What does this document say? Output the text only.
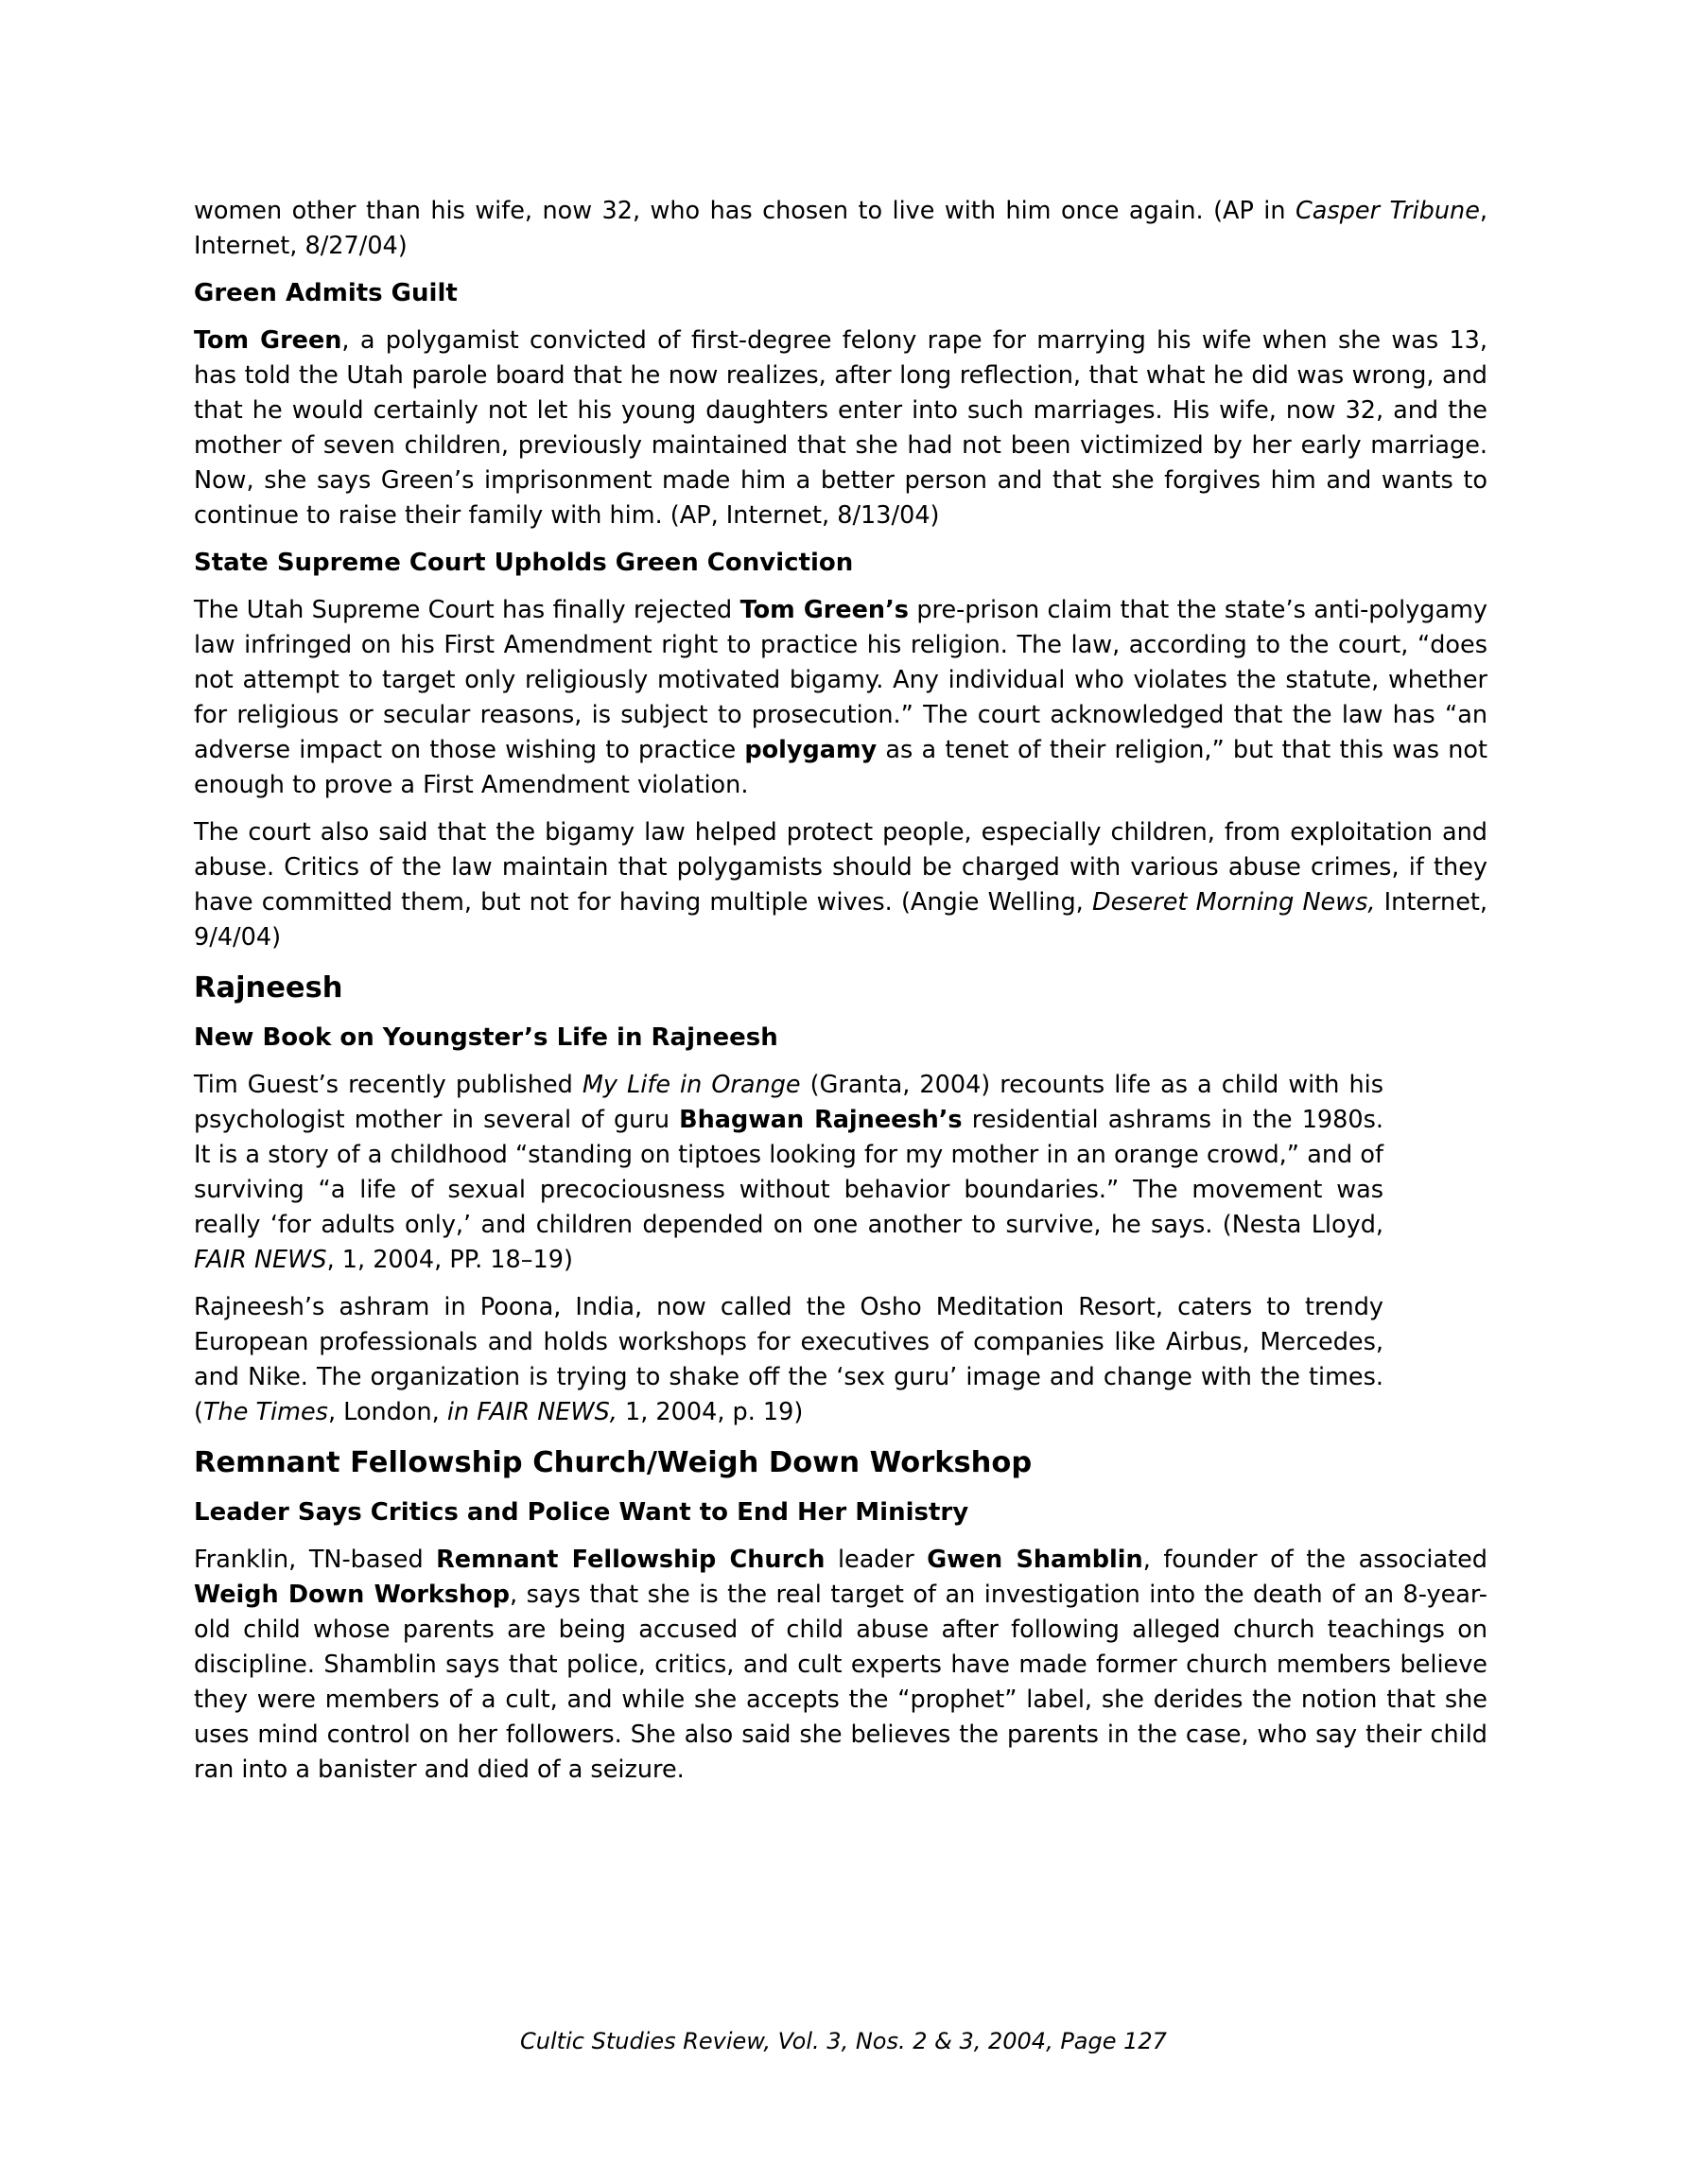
women other than his wife, now 32, who has chosen to live with him once again. (AP in Casper Tribune, Internet, 8/27/04)

Green Admits Guilt

Tom Green, a polygamist convicted of first-degree felony rape for marrying his wife when she was 13, has told the Utah parole board that he now realizes, after long reflection, that what he did was wrong, and that he would certainly not let his young daughters enter into such marriages. His wife, now 32, and the mother of seven children, previously maintained that she had not been victimized by her early marriage. Now, she says Green’s imprisonment made him a better person and that she forgives him and wants to continue to raise their family with him. (AP, Internet, 8/13/04)

State Supreme Court Upholds Green Conviction

The Utah Supreme Court has finally rejected Tom Green’s pre-prison claim that the state’s anti-polygamy law infringed on his First Amendment right to practice his religion. The law, according to the court, “does not attempt to target only religiously motivated bigamy. Any individual who violates the statute, whether for religious or secular reasons, is subject to prosecution.” The court acknowledged that the law has “an adverse impact on those wishing to practice polygamy as a tenet of their religion,” but that this was not enough to prove a First Amendment violation.

The court also said that the bigamy law helped protect people, especially children, from exploitation and abuse. Critics of the law maintain that polygamists should be charged with various abuse crimes, if they have committed them, but not for having multiple wives. (Angie Welling, Deseret Morning News, Internet, 9/4/04)

Rajneesh
New Book on Youngster’s Life in Rajneesh

Tim Guest’s recently published My Life in Orange (Granta, 2004) recounts life as a child with his psychologist mother in several of guru Bhagwan Rajneesh’s residential ashrams in the 1980s. It is a story of a childhood “standing on tiptoes looking for my mother in an orange crowd,” and of surviving “a life of sexual precociousness without behavior boundaries.” The movement was really ‘for adults only,’ and children depended on one another to survive, he says. (Nesta Lloyd, FAIR NEWS, 1, 2004, PP. 18–19)

Rajneesh’s ashram in Poona, India, now called the Osho Meditation Resort, caters to trendy European professionals and holds workshops for executives of companies like Airbus, Mercedes, and Nike. The organization is trying to shake off the ‘sex guru’ image and change with the times. (The Times, London, in FAIR NEWS, 1, 2004, p. 19)

Remnant Fellowship Church/Weigh Down Workshop
Leader Says Critics and Police Want to End Her Ministry

Franklin, TN-based Remnant Fellowship Church leader Gwen Shamblin, founder of the associated Weigh Down Workshop, says that she is the real target of an investigation into the death of an 8-year-old child whose parents are being accused of child abuse after following alleged church teachings on discipline. Shamblin says that police, critics, and cult experts have made former church members believe they were members of a cult, and while she accepts the “prophet” label, she derides the notion that she uses mind control on her followers. She also said she believes the parents in the case, who say their child ran into a banister and died of a seizure.

Cultic Studies Review, Vol. 3, Nos. 2 & 3, 2004, Page 127
